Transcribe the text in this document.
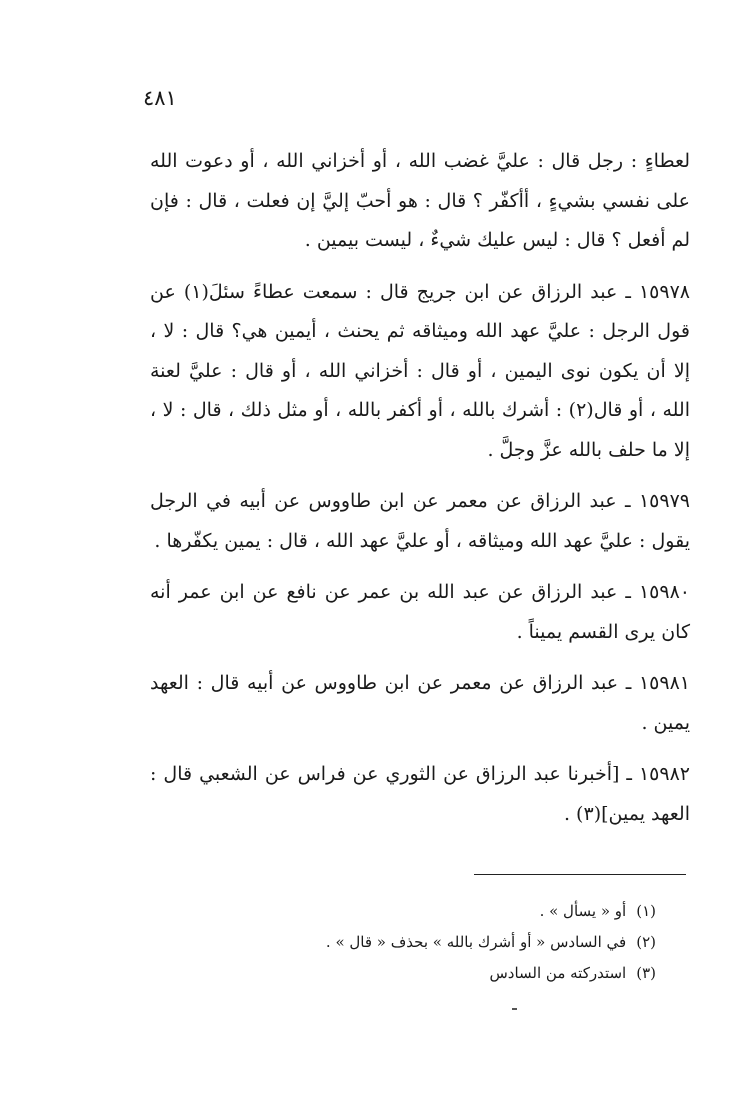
٤٨١

لعطاءٍ : رجل قال : عليَّ غضب الله ، أو أخزاني الله ، أو دعوت الله على نفسي بشيءٍ ، أأكفّر ؟ قال : هو أحبّ إليَّ إن فعلت ، قال : فإن لم أفعل ؟ قال : ليس عليك شيءٌ ، ليست بيمين .

١٥٩٧٨ ـ عبد الرزاق عن ابن جريج قال : سمعت عطاءً سئلَ(١) عن قول الرجل : عليَّ عهد الله وميثاقه ثم يحنث ، أيمين هي؟ قال : لا ، إلا أن يكون نوى اليمين ، أو قال : أخزاني الله ، أو قال : عليَّ لعنة الله ، أو قال(٢) : أشرك بالله ، أو أكفر بالله ، أو مثل ذلك ، قال : لا ، إلا ما حلف بالله عزَّ وجلَّ .

١٥٩٧٩ ـ عبد الرزاق عن معمر عن ابن طاووس عن أبيه في الرجل يقول : عليَّ عهد الله وميثاقه ، أو عليَّ عهد الله ، قال : يمين يكفّرها .

١٥٩٨٠ ـ عبد الرزاق عن عبد الله بن عمر عن نافع عن ابن عمر أنه كان يرى القسم يميناً .

١٥٩٨١ ـ عبد الرزاق عن معمر عن ابن طاووس عن أبيه قال : العهد يمين .

١٥٩٨٢ ـ [أخبرنا عبد الرزاق عن الثوري عن فراس عن الشعبي قال : العهد يمين](٣) .

(١)أو « يسأل » .
(٢)في السادس « أو أشرك بالله » بحذف « قال » .
(٣)استدركته من السادس
